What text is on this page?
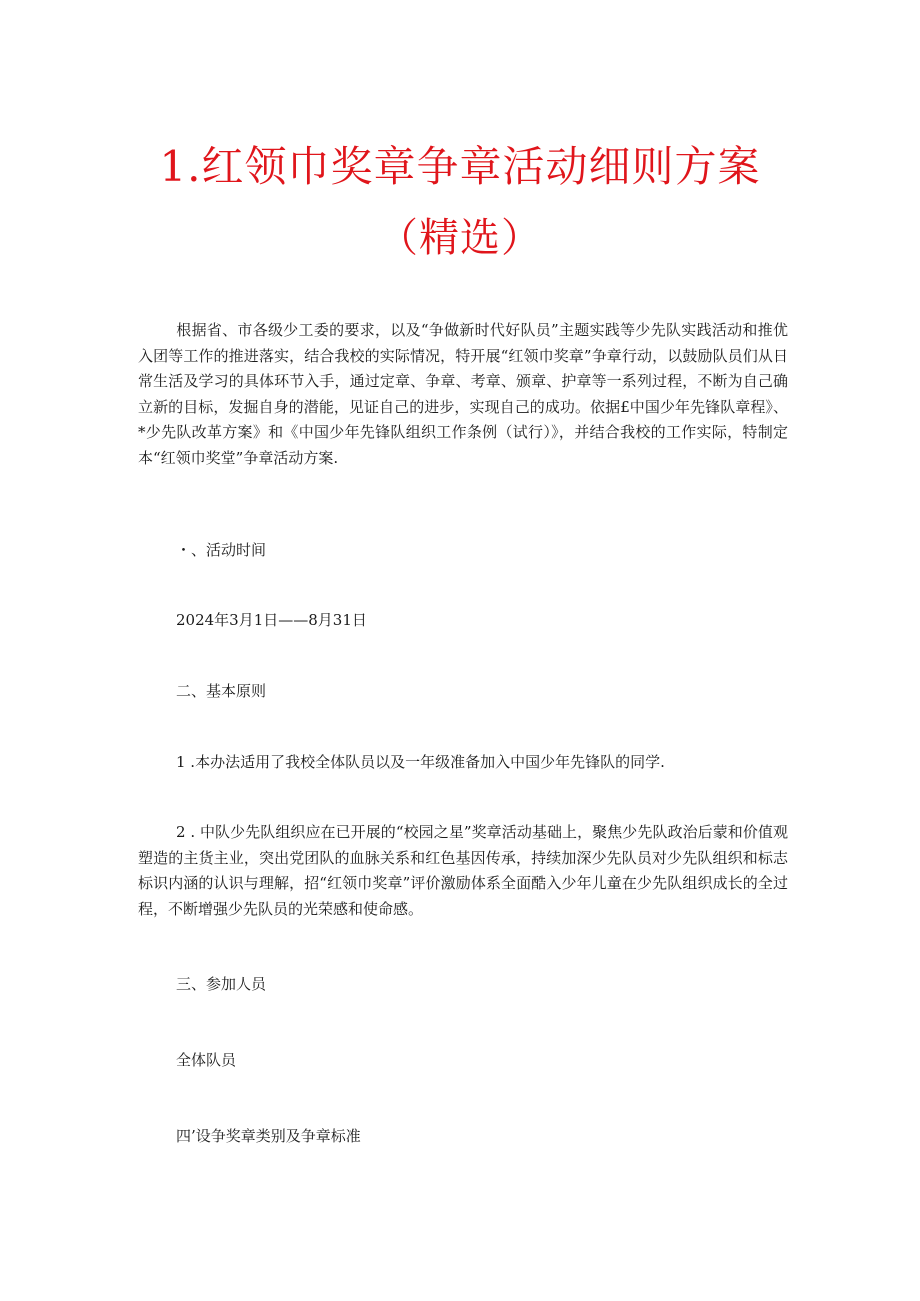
1.红领巾奖章争章活动细则方案
（精选）

根据省、市各级少工委的要求，以及“争做新时代好队员”主题实践等少先队实践活动和推优入团等工作的推进落实，结合我校的实际情况，特开展“红领巾奖章”争章行动，以鼓励队员们从日常生活及学习的具体环节入手，通过定章、争章、考章、颁章、护章等一系列过程，不断为自己确立新的目标，发掘自身的潜能，见证自己的进步，实现自己的成功。依据£中国少年先锋队章程》、*少先队改革方案》和《中国少年先锋队组织工作条例（试行）》，并结合我校的工作实际，特制定本“红领巾奖堂”争章活动方案.

・、活动时间

2024年3月1日——8月31日

二、基本原则

1 .本办法适用了我校全体队员以及一年级准备加入中国少年先锋队的同学.

2 . 中队少先队组织应在已开展的“校园之星”奖章活动基础上，聚焦少先队政治后蒙和价值观塑造的主货主业，突出党团队的血脉关系和红色基因传承，持续加深少先队员对少先队组织和标志标识内涵的认识与理解，招“红领巾奖章”评价激励体系全面酷入少年儿童在少先队组织成长的全过程，不断增强少先队员的光荣感和使命感。

三、参加人员

全体队员

四’设争奖章类别及争章标准
